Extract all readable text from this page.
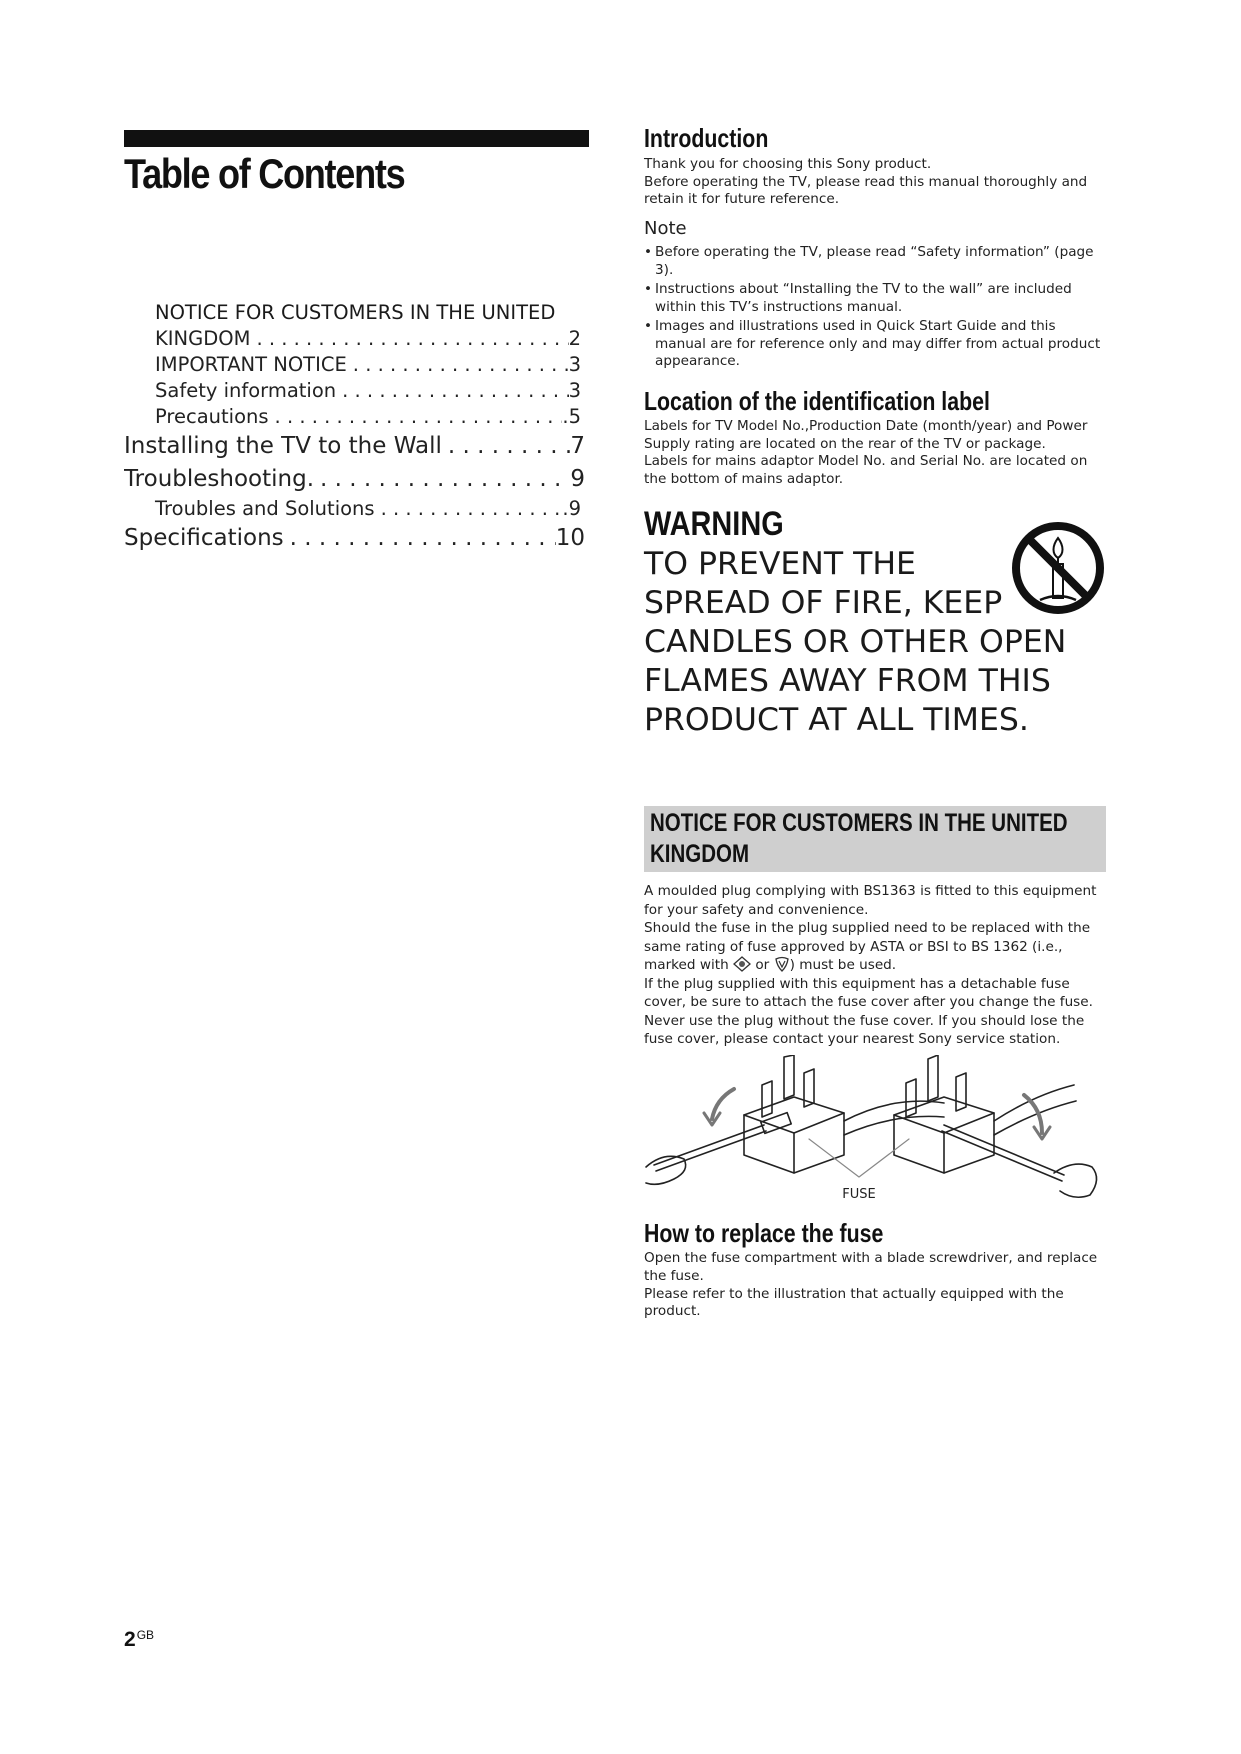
Table of Contents
NOTICE FOR CUSTOMERS IN THE UNITED
KINGDOM . . .	2
IMPORTANT NOTICE . . .	3
Safety information . . .	3
Precautions . . .	.5
Installing the TV to the Wall . . .	7
Troubleshooting. . . .	9
Troubles and Solutions . . .	.9
Specifications . . .	10
Introduction

Thank you for choosing this Sony product.

Before operating the TV, please read this manual thoroughly and retain it for future reference.

Note
• Before operating the TV, please read “Safety information” (page 3).
• Instructions about “Installing the TV to the wall” are included within this TV’s instructions manual.
• Images and illustrations used in Quick Start Guide and this manual are for reference only and may differ from actual product appearance.
Location of the identification label

Labels for TV Model No.,Production Date (month/year) and Power Supply rating are located on the rear of the TV or package.

Labels for mains adaptor Model No. and Serial No. are located on the bottom of mains adaptor.

WARNING
TO PREVENT THE
SPREAD OF FIRE, KEEP
CANDLES OR OTHER OPEN
FLAMES AWAY FROM THIS
PRODUCT AT ALL TIMES.
NOTICE FOR CUSTOMERS IN THE UNITED
KINGDOM

A moulded plug complying with BS1363 is fitted to this equipment for your safety and convenience.

Should the fuse in the plug supplied need to be replaced with the same rating of fuse approved by ASTA or BSI to BS 1362 (i.e., marked with or ) must be used.

If the plug supplied with this equipment has a detachable fuse cover, be sure to attach the fuse cover after you change the fuse.

Never use the plug without the fuse cover. If you should lose the fuse cover, please contact your nearest Sony service station.

FUSE
How to replace the fuse

Open the fuse compartment with a blade screwdriver, and replace the fuse.

Please refer to the illustration that actually equipped with the product.

$2^{GB}$
